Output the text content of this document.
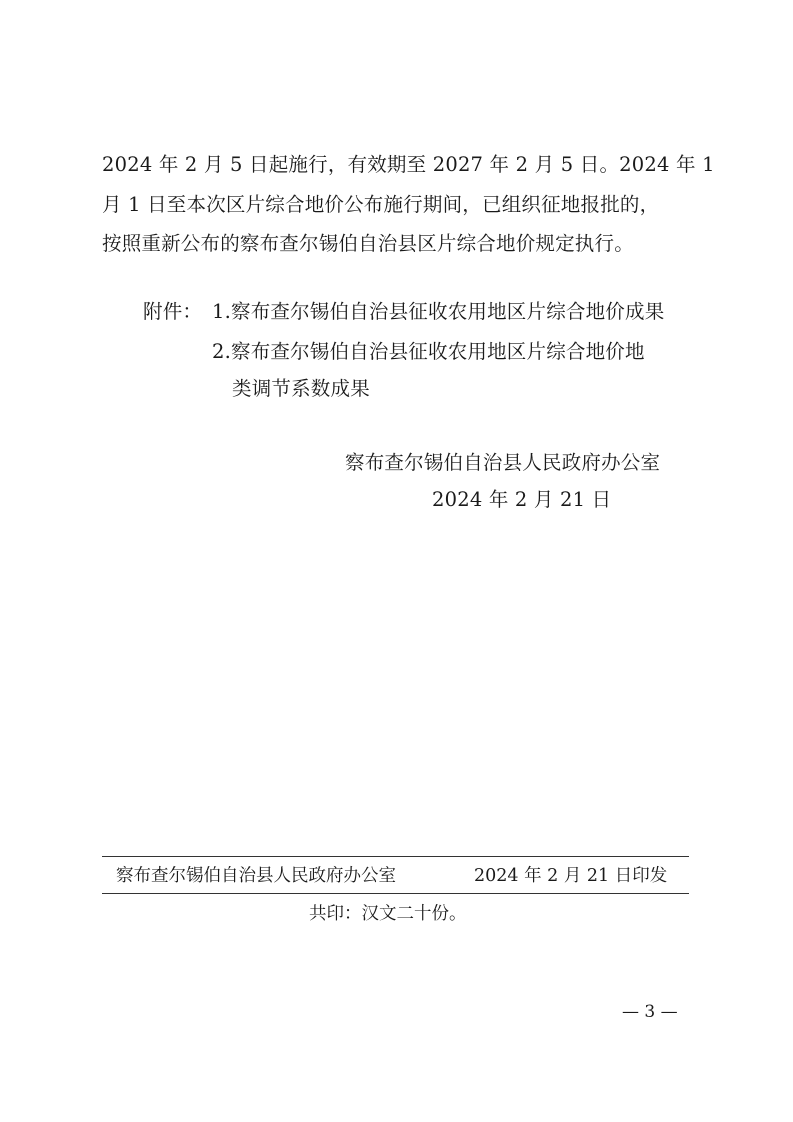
2024 年 2 月 5 日起施行，有效期至 2027 年 2 月 5 日。2024 年 1
月 1 日至本次区片综合地价公布施行期间，已组织征地报批的，
按照重新公布的察布查尔锡伯自治县区片综合地价规定执行。
附件： 1.察布查尔锡伯自治县征收农用地区片综合地价成果
2.察布查尔锡伯自治县征收农用地区片综合地价地
类调节系数成果
察布查尔锡伯自治县人民政府办公室
2024 年 2 月 21 日
察布查尔锡伯自治县人民政府办公室	2024 年 2 月 21 日印发
共印：汉文二十份。
— 3 —
